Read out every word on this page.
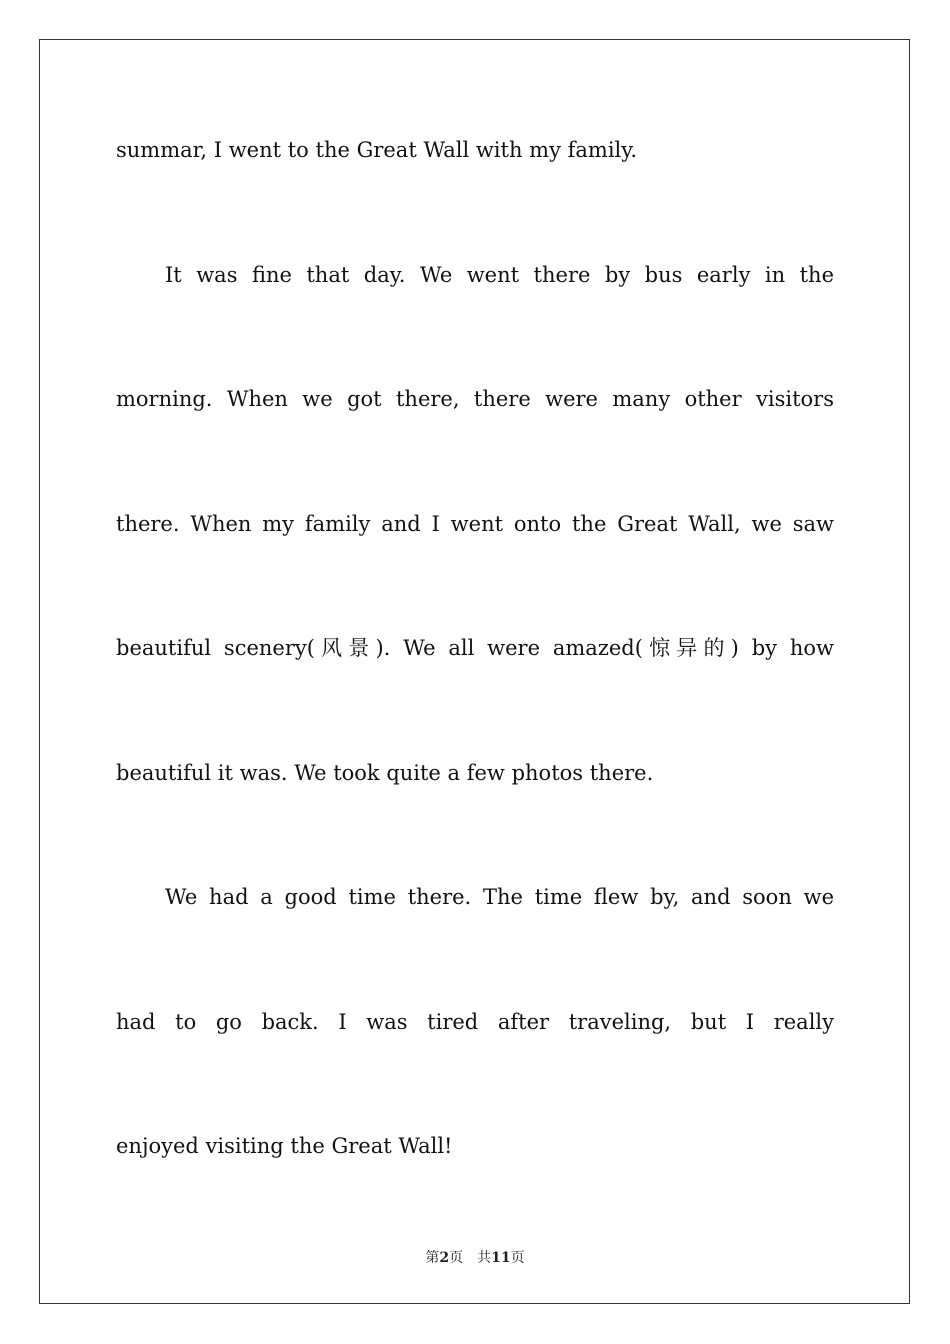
summar, I went to the Great Wall with my family.
It was fine that day. We went there by bus early in the
morning. When we got there, there were many other visitors
there. When my family and I went onto the Great Wall, we saw
beautiful scenery(风景). We all were amazed(惊异的) by how
beautiful it was. We took quite a few photos there.
We had a good time there. The time flew by, and soon we
had to go back. I was tired after traveling, but I really
enjoyed visiting the Great Wall!
第2页 共11页
